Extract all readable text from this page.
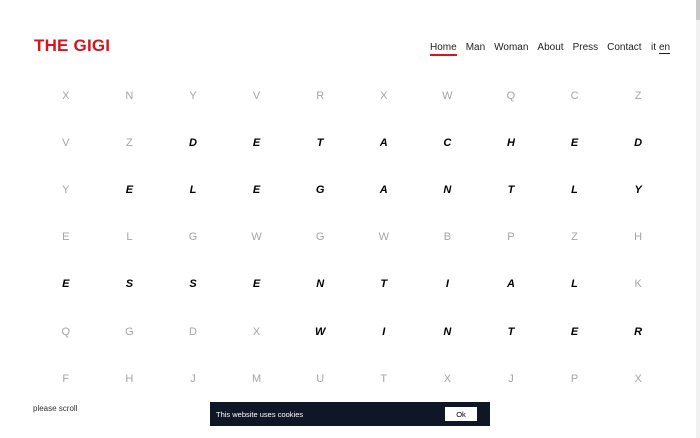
THE GIGI	Home Man Woman About Press Contact it en
X	N	Y	V	R	X	W	Q	C	Z
V	Z	D	E	T	A	C	H	E	D
Y	E	L	E	G	A	N	T	L	Y
E	L	G	W	G	W	B	P	Z	H
E	S	S	E	N	T	I	A	L	K
Q	G	D	X	W	I	N	T	E	R
F	H	J	M	U	T	X	J	P	X
please scroll
This website uses cookies	Ok
